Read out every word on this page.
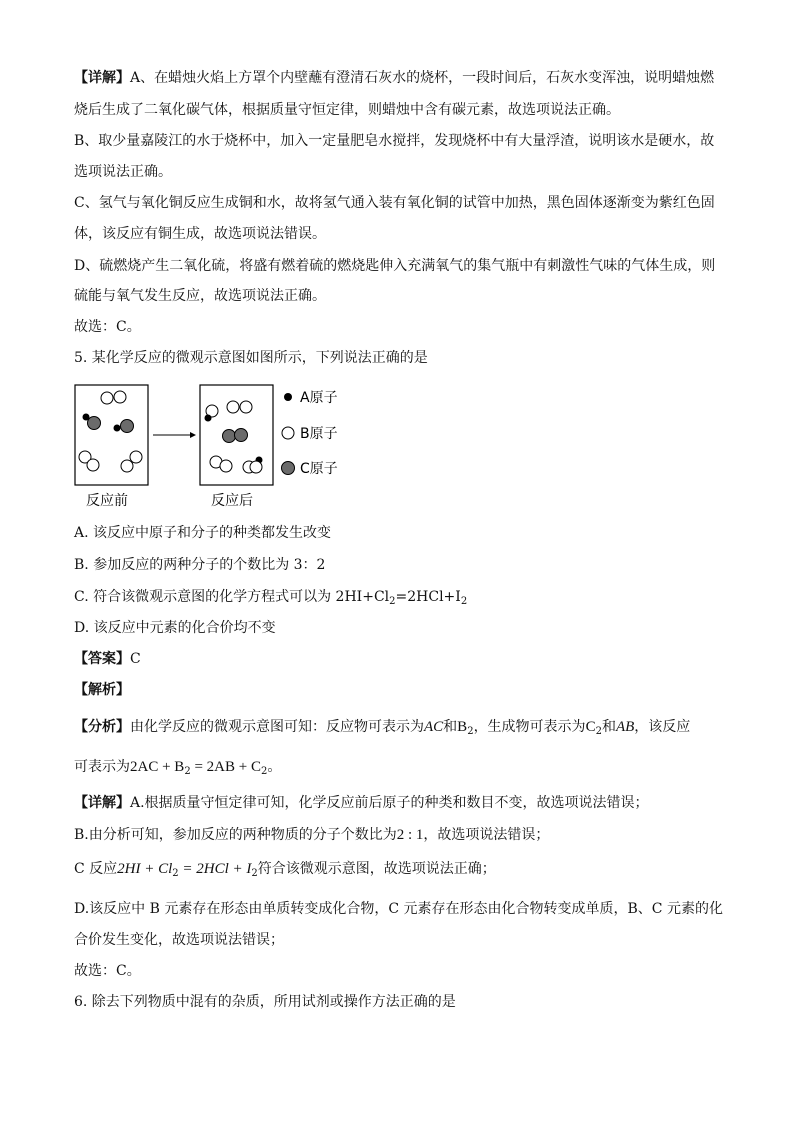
【详解】A、在蜡烛火焰上方罩个内壁蘸有澄清石灰水的烧杯，一段时间后，石灰水变浑浊，说明蜡烛燃
烧后生成了二氧化碳气体，根据质量守恒定律，则蜡烛中含有碳元素，故选项说法正确。
B、取少量嘉陵江的水于烧杯中，加入一定量肥皂水搅拌，发现烧杯中有大量浮渣，说明该水是硬水，故
选项说法正确。
C、氢气与氧化铜反应生成铜和水，故将氢气通入装有氧化铜的试管中加热，黑色固体逐渐变为紫红色固
体，该反应有铜生成，故选项说法错误。
D、硫燃烧产生二氧化硫，将盛有燃着硫的燃烧匙伸入充满氧气的集气瓶中有刺激性气味的气体生成，则
硫能与氧气发生反应，故选项说法正确。
故选：C。
5. 某化学反应的微观示意图如图所示，下列说法正确的是
反应前	反应后
A原子
B原子
C原子
A. 该反应中原子和分子的种类都发生改变
B. 参加反应的两种分子的个数比为 3：2
C. 符合该微观示意图的化学方程式可以为 $2HI+Cl_2=2HCl+I_2$
D. 该反应中元素的化合价均不变
【答案】C
【解析】
【分析】由化学反应的微观示意图可知：反应物可表示为AC和$B_2$，生成物可表示为$C_2$和AB，该反应
可表示为$2AC + B_2 = 2AB + C_2$。
【详解】A.根据质量守恒定律可知，化学反应前后原子的种类和数目不变，故选项说法错误；
B.由分析可知，参加反应的两种物质的分子个数比为2 : 1，故选项说法错误；
C 反应$2HI + Cl_2 = 2HCl + I_2$符合该微观示意图，故选项说法正确；
D.该反应中 B 元素存在形态由单质转变成化合物，C 元素存在形态由化合物转变成单质，B、C 元素的化
合价发生变化，故选项说法错误；
故选：C。
6. 除去下列物质中混有的杂质，所用试剂或操作方法正确的是
